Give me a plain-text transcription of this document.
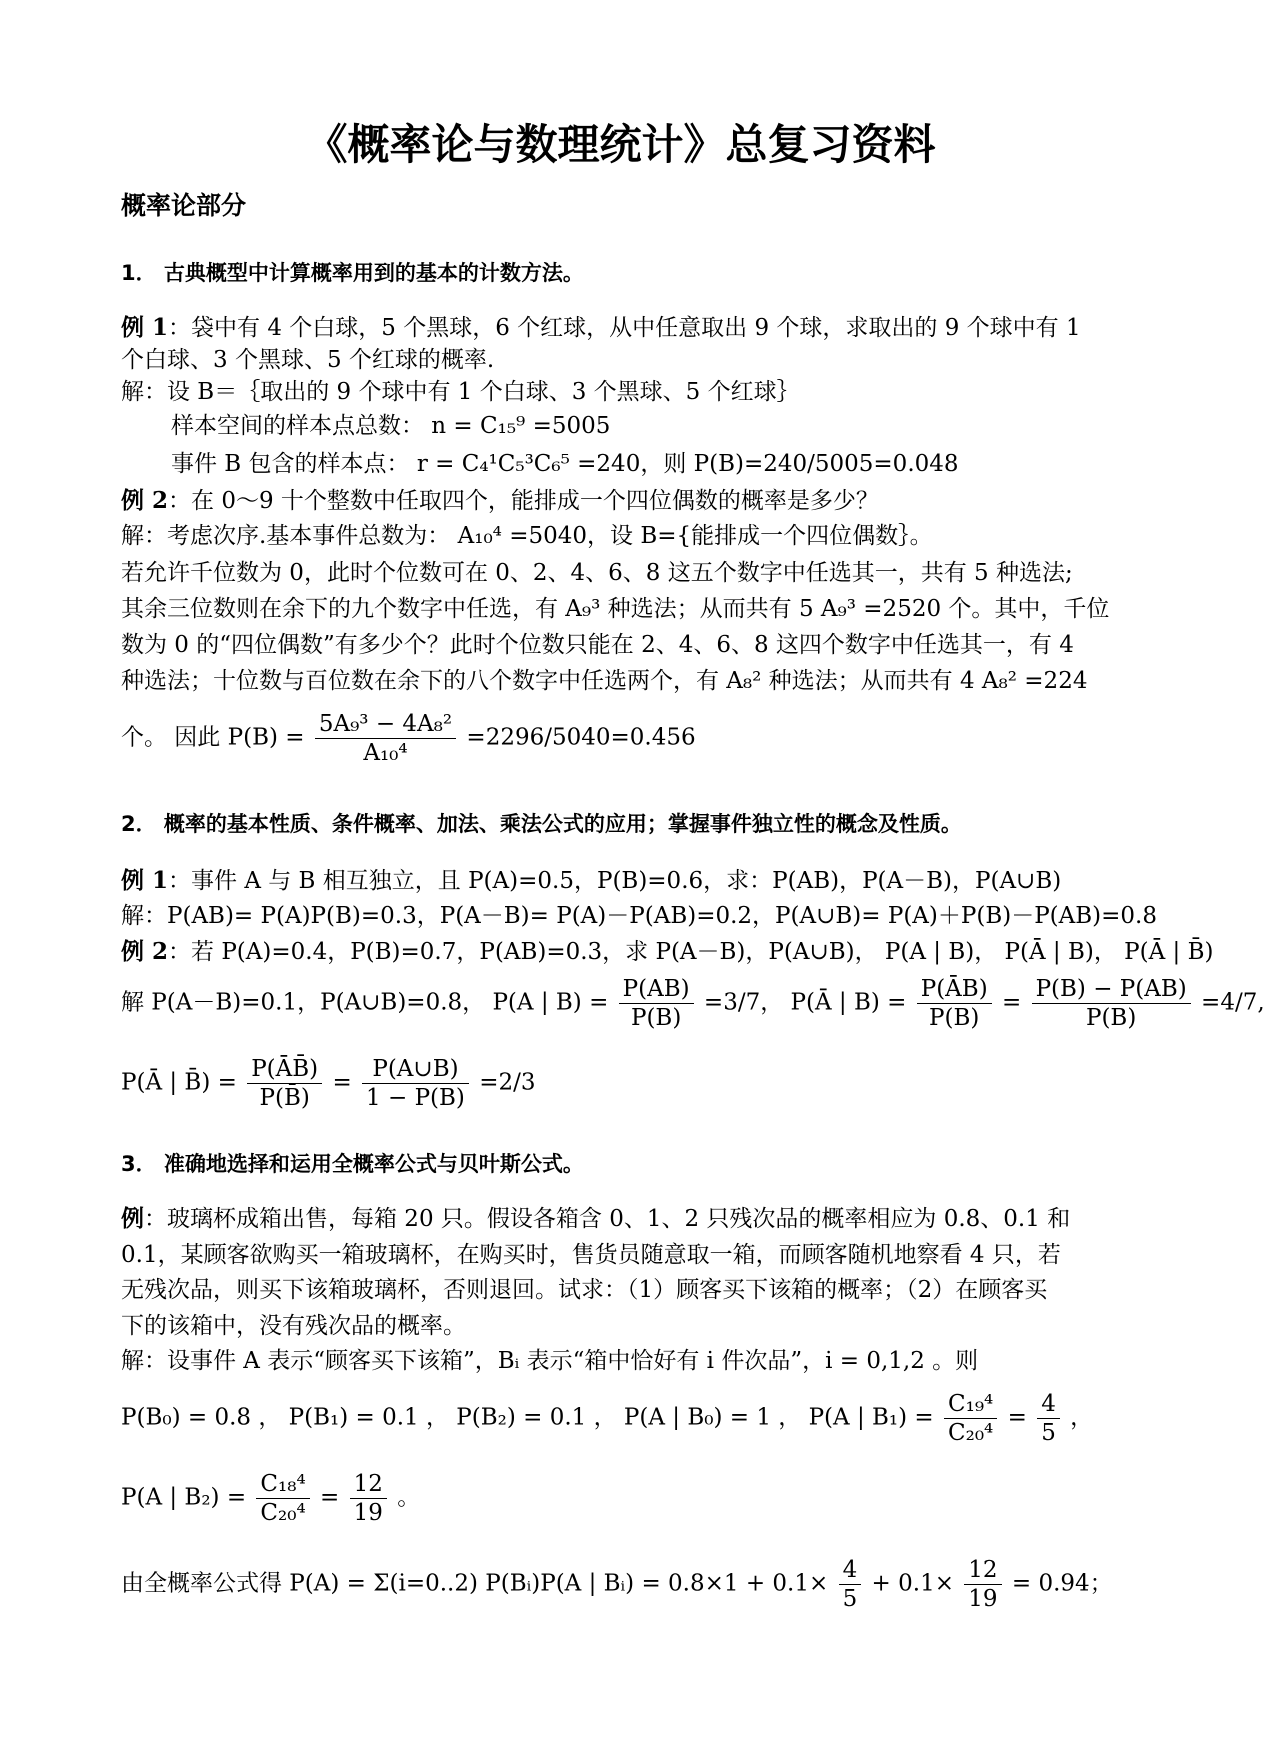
《概率论与数理统计》总复习资料
概率论部分
1． 古典概型中计算概率用到的基本的计数方法。
例 1：袋中有 4 个白球，5 个黑球，6 个红球，从中任意取出 9 个球，求取出的 9 个球中有 1
个白球、3 个黑球、5 个红球的概率.
解：设 B＝｛取出的 9 个球中有 1 个白球、3 个黑球、5 个红球｝
样本空间的样本点总数： n = C₁₅⁹ =5005
事件 B 包含的样本点： r = C₄¹C₅³C₆⁵ =240，则 P(B)=240/5005=0.048
例 2：在 0～9 十个整数中任取四个，能排成一个四位偶数的概率是多少？
解：考虑次序.基本事件总数为： A₁₀⁴ =5040，设 B={能排成一个四位偶数｝。
若允许千位数为 0，此时个位数可在 0、2、4、6、8 这五个数字中任选其一，共有 5 种选法;
其余三位数则在余下的九个数字中任选，有 A₉³ 种选法；从而共有 5 A₉³ =2520 个。其中，千位
数为 0 的“四位偶数”有多少个？此时个位数只能在 2、4、6、8 这四个数字中任选其一，有 4
种选法；十位数与百位数在余下的八个数字中任选两个，有 A₈² 种选法；从而共有 4 A₈² =224
个。 因此 $P(B) = \frac{\text{5A₉³ − 4A₈²}}{\text{A₁₀⁴}} =2296/5040=0.456$
2． 概率的基本性质、条件概率、加法、乘法公式的应用；掌握事件独立性的概念及性质。
例 1：事件 A 与 B 相互独立，且 P(A)=0.5，P(B)=0.6，求：P(AB)，P(A－B)，P(A∪B)
解：P(AB)= P(A)P(B)=0.3，P(A－B)= P(A)－P(AB)=0.2，P(A∪B)= P(A)＋P(B)－P(AB)=0.8
例 2：若 P(A)=0.4，P(B)=0.7，P(AB)=0.3，求 P(A－B)，P(A∪B)， P(A | B)， P(Ā | B)， P(Ā | B̄)
解 P(A－B)=0.1，P(A∪B)=0.8， P(A | $B) = \frac{P(AB)}{P(B)} =3/7$， P(Ā | $B) = \frac{P(ĀB)}{P(B)} = \frac{P(B) - P(AB)}{P(B)} =4/7$,
P(Ā | B̄) = $\frac{P(ĀB̄)}{P(B̄)} = \frac{P(A\cup B)}{1 - P(B)} =2/3$
3． 准确地选择和运用全概率公式与贝叶斯公式。
例：玻璃杯成箱出售，每箱 20 只。假设各箱含 0、1、2 只残次品的概率相应为 0.8、0.1 和
0.1，某顾客欲购买一箱玻璃杯，在购买时，售货员随意取一箱，而顾客随机地察看 4 只，若
无残次品，则买下该箱玻璃杯，否则退回。试求：（1）顾客买下该箱的概率；（2）在顾客买
下的该箱中，没有残次品的概率。
解：设事件 A 表示“顾客买下该箱”，Bᵢ 表示“箱中恰好有 i 件次品”，i = 0,1,2 。则
P(B₀) = 0.8 ， P(B₁) = 0.1 ， P(B₂) = 0.1 ， P(A | B₀) = 1 ， P(A | $B_1) = \frac{\text{C₁₉⁴}}{\text{C₂₀⁴}} = \frac{4}{5}$ ，
P(A | $B_2) = \frac{\text{C₁₈⁴}}{\text{C₂₀⁴}} = \frac{12}{19}$ 。
由全概率公式得 P(A) = Σ(i=0..2) P(Bᵢ)P(A | Bᵢ) = $0.8\times 1 + 0.1\times \frac{4}{5} + 0.1\times \frac{12}{19} = 0.94$；
